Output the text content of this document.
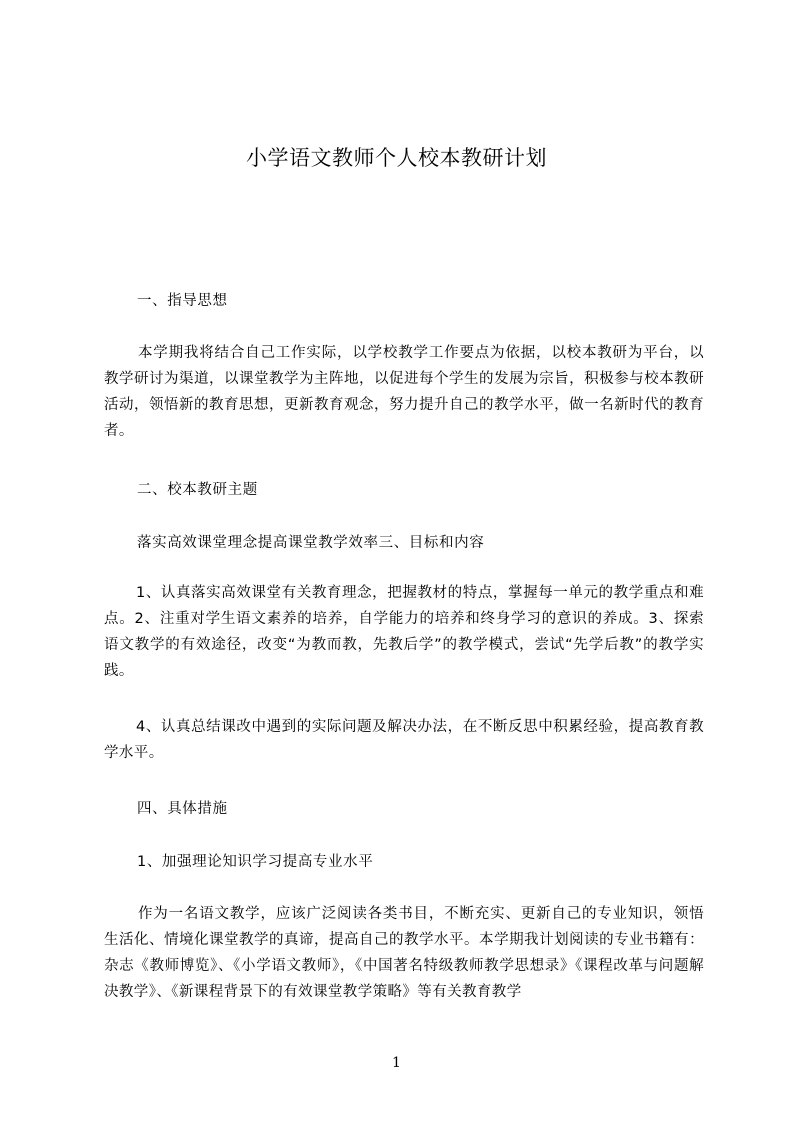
小学语文教师个人校本教研计划
一、指导思想

本学期我将结合自己工作实际，以学校教学工作要点为依据，以校本教研为平台，以教学研讨为渠道，以课堂教学为主阵地，以促进每个学生的发展为宗旨，积极参与校本教研活动，领悟新的教育思想，更新教育观念，努力提升自己的教学水平，做一名新时代的教育者。

二、校本教研主题
落实高效课堂理念提高课堂教学效率三、目标和内容

1、认真落实高效课堂有关教育理念，把握教材的特点，掌握每一单元的教学重点和难点。2、注重对学生语文素养的培养，自学能力的培养和终身学习的意识的养成。3、探索语文教学的有效途径，改变“为教而教，先教后学”的教学模式，尝试“先学后教”的教学实践。

4、认真总结课改中遇到的实际问题及解决办法，在不断反思中积累经验，提高教育教学水平。

四、具体措施
1、加强理论知识学习提高专业水平

作为一名语文教学，应该广泛阅读各类书目，不断充实、更新自己的专业知识，领悟生活化、情境化课堂教学的真谛，提高自己的教学水平。本学期我计划阅读的专业书籍有：杂志《教师博览》、《小学语文教师》，《中国著名特级教师教学思想录》《课程改革与问题解决教学》、《新课程背景下的有效课堂教学策略》等有关教育教学

1
